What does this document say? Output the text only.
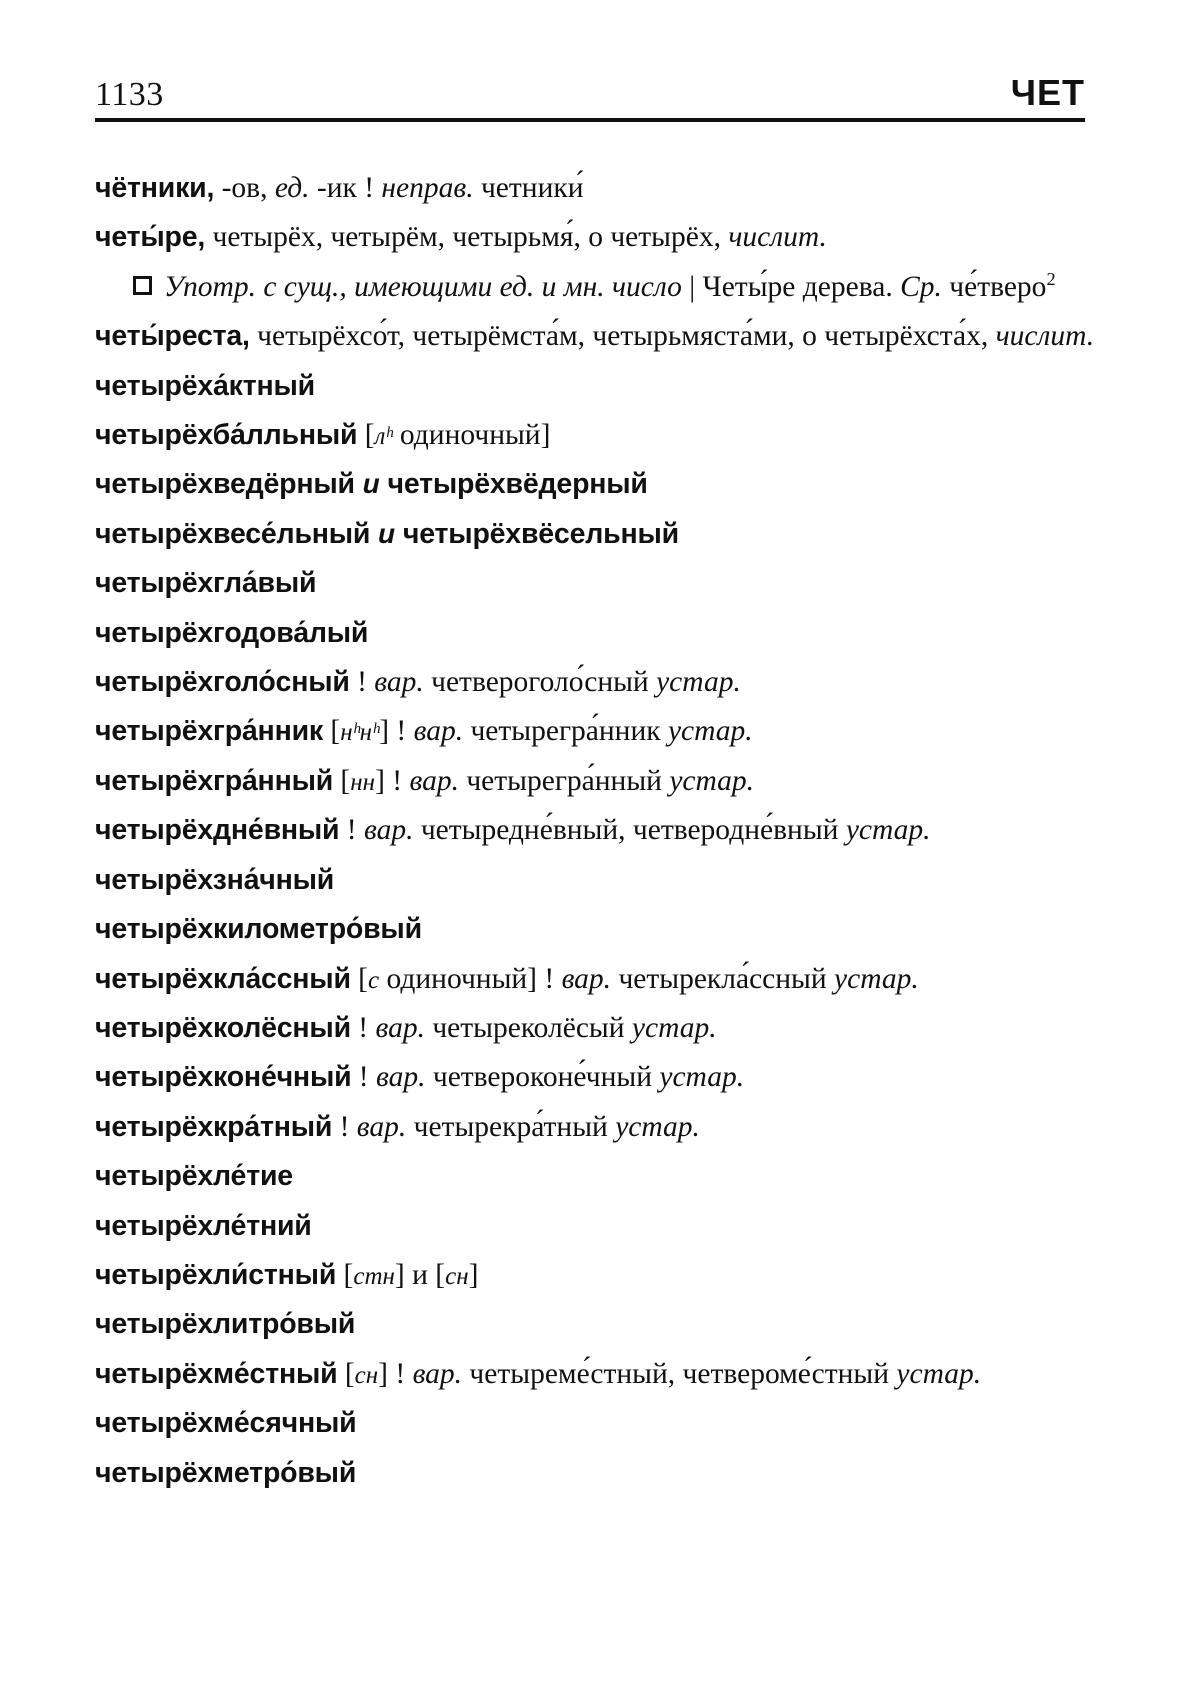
1133	ЧЕТ

чётники, -ов, ед. -ик ! неправ. четники́

четы́ре, четырёх, четырём, четырьмя́, о четырёх, числит.

Употр. с сущ., имеющими ед. и мн. число | Четы́ре дерева. Ср. че́тверо$^2$

четы́реста, четырёхсо́т, четырёмста́м, четырьмяста́ми, о четырёхста́х, числит.

четырёха́ктный

четырёхба́лльный [лʰ одиночный]

четырёхведёрный и четырёхвёдерный

четырёхвесе́льный и четырёхвёсельный

четырёхгла́вый

четырёхгодова́лый

четырёхголо́сный ! вар. четвероголо́сный устар.

четырёхгра́нник [нʰнʰ] ! вар. четырегра́нник устар.

четырёхгра́нный [нн] ! вар. четырегра́нный устар.

четырёхдне́вный ! вар. четыредне́вный, четверодне́вный устар.

четырёхзна́чный

четырёхкилометро́вый

четырёхкла́ссный [с одиночный] ! вар. четырекла́ссный устар.

четырёхколёсный ! вар. четыреколёсый устар.

четырёхконе́чный ! вар. четвероконе́чный устар.

четырёхкра́тный ! вар. четырекра́тный устар.

четырёхле́тие

четырёхле́тний

четырёхли́стный [стн] и [сн]

четырёхлитро́вый

четырёхме́стный [сн] ! вар. четыреме́стный, четвероме́стный устар.

четырёхме́сячный

четырёхметро́вый
